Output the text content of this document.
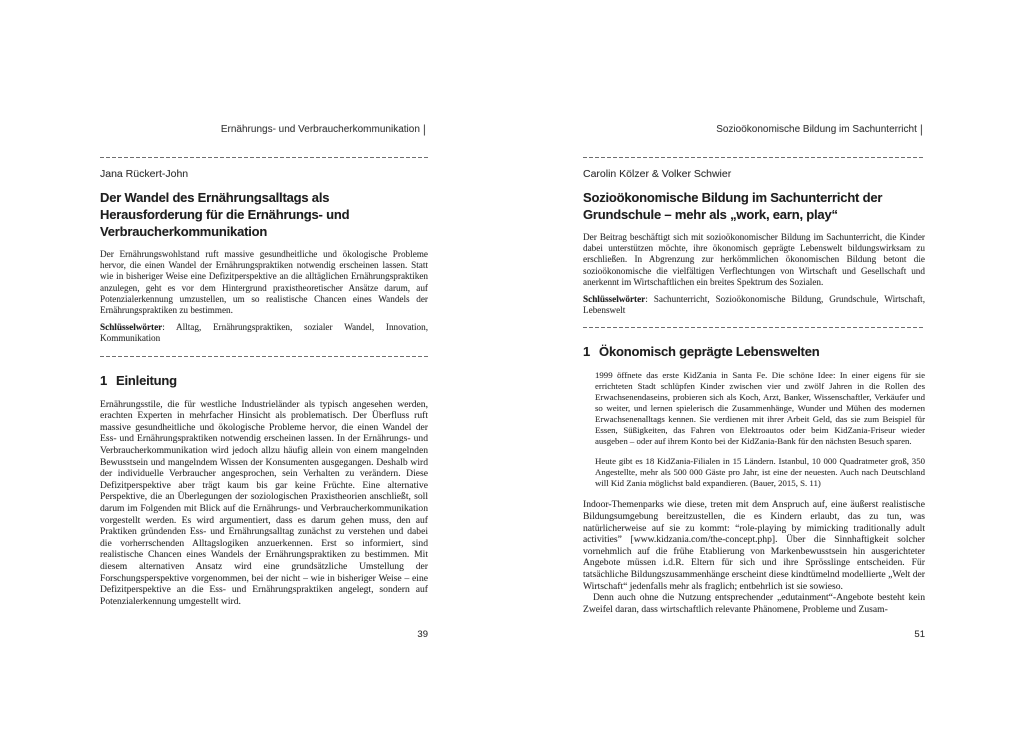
Ernährungs- und Verbraucherkommunikation |
Jana Rückert-John
Der Wandel des Ernährungsalltags als Herausforderung für die Ernährungs- und Verbraucherkommunikation

Der Ernährungswohlstand ruft massive gesundheitliche und ökologische Probleme hervor, die einen Wandel der Ernährungspraktiken notwendig erscheinen lassen. Statt wie in bisheriger Weise eine Defizitperspektive an die alltäglichen Ernährungspraktiken anzulegen, geht es vor dem Hintergrund praxistheoretischer Ansätze darum, auf Potenzialerkennung umzustellen, um so realistische Chancen eines Wandels der Ernährungspraktiken zu bestimmen.

Schlüsselwörter: Alltag, Ernährungspraktiken, sozialer Wandel, Innovation, Kommunikation

1 Einleitung

Ernährungsstile, die für westliche Industrieländer als typisch angesehen werden, erachten Experten in mehrfacher Hinsicht als problematisch. Der Überfluss ruft massive gesundheitliche und ökologische Probleme hervor, die einen Wandel der Ess- und Ernährungspraktiken notwendig erscheinen lassen. In der Ernährungs- und Verbraucherkommunikation wird jedoch allzu häufig allein von einem mangelnden Bewusstsein und mangelndem Wissen der Konsumenten ausgegangen. Deshalb wird der individuelle Verbraucher angesprochen, sein Verhalten zu verändern. Diese Defizitperspektive aber trägt kaum bis gar keine Früchte. Eine alternative Perspektive, die an Überlegungen der soziologischen Praxistheorien anschließt, soll darum im Folgenden mit Blick auf die Ernährungs- und Verbraucherkommunikation vorgestellt werden. Es wird argumentiert, dass es darum gehen muss, den auf Praktiken gründenden Ess- und Ernährungsalltag zunächst zu verstehen und dabei die vorherrschenden Alltagslogiken anzuerkennen. Erst so informiert, sind realistische Chancen eines Wandels der Ernährungspraktiken zu bestimmen. Mit diesem alternativen Ansatz wird eine grundsätzliche Umstellung der Forschungsperspektive vorgenommen, bei der nicht – wie in bisheriger Weise – eine Defizitperspektive an die Ess- und Ernährungspraktiken angelegt, sondern auf Potenzialerkennung umgestellt wird.

39
Sozioökonomische Bildung im Sachunterricht |
Carolin Kölzer & Volker Schwier
Sozioökonomische Bildung im Sachunterricht der Grundschule – mehr als „work, earn, play“

Der Beitrag beschäftigt sich mit sozioökonomischer Bildung im Sachunterricht, die Kinder dabei unterstützen möchte, ihre ökonomisch geprägte Lebenswelt bildungswirksam zu erschließen. In Abgrenzung zur herkömmlichen ökonomischen Bildung betont die sozioökonomische die vielfältigen Verflechtungen von Wirtschaft und Gesellschaft und anerkennt im Wirtschaftlichen ein breites Spektrum des Sozialen.

Schlüsselwörter: Sachunterricht, Sozioökonomische Bildung, Grundschule, Wirtschaft, Lebenswelt

1 Ökonomisch geprägte Lebenswelten

1999 öffnete das erste KidZania in Santa Fe. Die schöne Idee: In einer eigens für sie errichteten Stadt schlüpfen Kinder zwischen vier und zwölf Jahren in die Rollen des Erwachsenendaseins, probieren sich als Koch, Arzt, Banker, Wissenschaftler, Verkäufer und so weiter, und lernen spielerisch die Zusammenhänge, Wunder und Mühen des modernen Erwachsenenalltags kennen. Sie verdienen mit ihrer Arbeit Geld, das sie zum Beispiel für Essen, Süßigkeiten, das Fahren von Elektroautos oder beim KidZania-Friseur wieder ausgeben – oder auf ihrem Konto bei der KidZania-Bank für den nächsten Besuch sparen.

Heute gibt es 18 KidZania-Filialen in 15 Ländern. Istanbul, 10 000 Quadratmeter groß, 350 Angestellte, mehr als 500 000 Gäste pro Jahr, ist eine der neuesten. Auch nach Deutschland will Kid Zania möglichst bald expandieren. (Bauer, 2015, S. 11)

Indoor-Themenparks wie diese, treten mit dem Anspruch auf, eine äußerst realistische Bildungsumgebung bereitzustellen, die es Kindern erlaubt, das zu tun, was natürlicherweise auf sie zu kommt: “role-playing by mimicking traditionally adult activities” [www.kidzania.com/the-concept.php]. Über die Sinnhaftigkeit solcher vornehmlich auf die frühe Etablierung von Markenbewusstsein hin ausgerichteter Angebote müssen i.d.R. Eltern für sich und ihre Sprösslinge entscheiden. Für tatsächliche Bildungszusammenhänge erscheint diese kindtümelnd modellierte „Welt der Wirtschaft“ jedenfalls mehr als fraglich; entbehrlich ist sie sowieso.

Denn auch ohne die Nutzung entsprechender „edutainment“-Angebote besteht kein Zweifel daran, dass wirtschaftlich relevante Phänomene, Probleme und Zusam-

51
